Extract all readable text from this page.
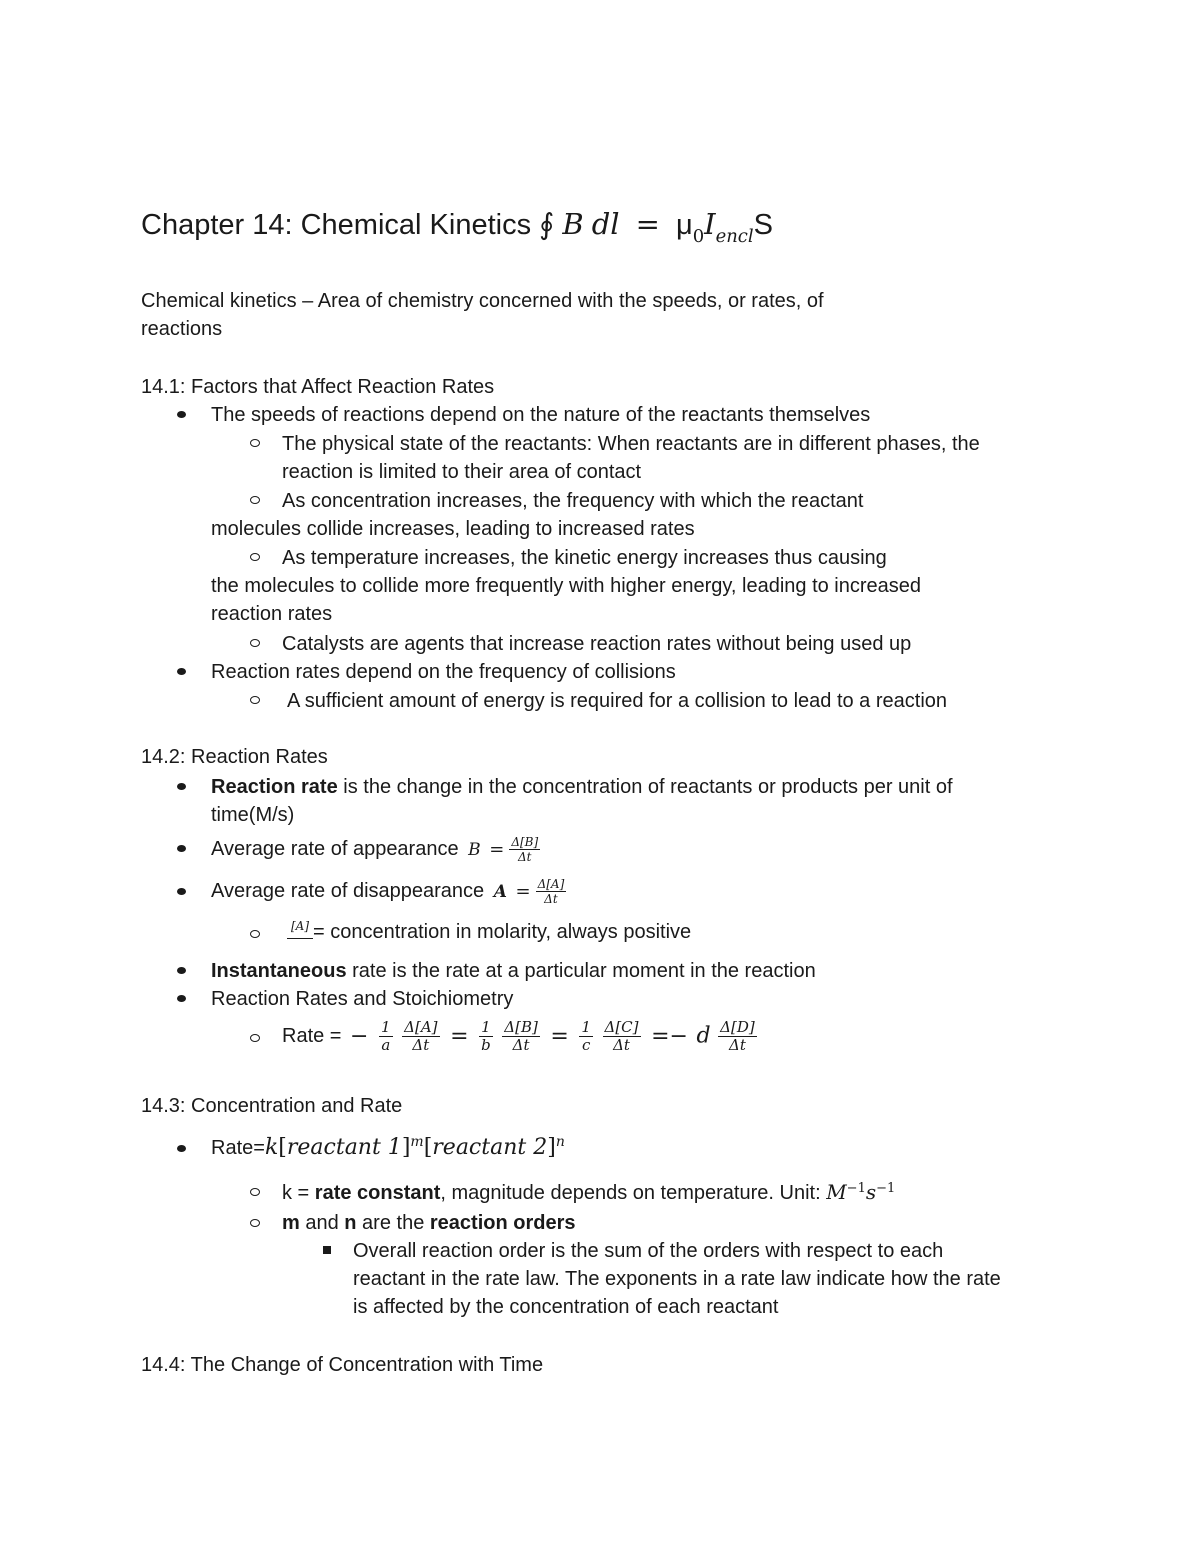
Chapter 14: Chemical Kinetics ∮ B dl = $\mu_0I_{encl}S$
Chemical kinetics – Area of chemistry concerned with the speeds, or rates, of
reactions
14.1: Factors that Affect Reaction Rates
The speeds of reactions depend on the nature of the reactants themselves
The physical state of the reactants: When reactants are in different phases, the
reaction is limited to their area of contact
As concentration increases, the frequency with which the reactant
molecules collide increases, leading to increased rates
As temperature increases, the kinetic energy increases thus causing
the molecules to collide more frequently with higher energy, leading to increased
reaction rates
Catalysts are agents that increase reaction rates without being used up
Reaction rates depend on the frequency of collisions
A sufficient amount of energy is required for a collision to lead to a reaction
14.2: Reaction Rates
Reaction rate is the change in the concentration of reactants or products per unit of
time(M/s)
Average rate of appearance $B = \frac{\Delta[B]}{\Delta t}$
Average rate of disappearance $A = \frac{\Delta[A]}{\Delta t}$
[A] = concentration in molarity, always positive
Instantaneous rate is the rate at a particular moment in the reaction
Reaction Rates and Stoichiometry
Rate = − $\frac{1}{a}$
$\frac{\Delta[A]}{\Delta t} = \frac{1}{b}$
$\frac{\Delta[B]}{\Delta t} = \frac{1}{c}$
$\frac{\Delta[C]}{\Delta t} =- d \frac{\Delta[D]}{\Delta t}$
14.3: Concentration and Rate
Rate=k[reactant 1]$^m$[reactant 2]$^n$
k = rate constant, magnitude depends on temperature. Unit: $M^{-1}s^{-1}$
m and n are the reaction orders
Overall reaction order is the sum of the orders with respect to each
reactant in the rate law. The exponents in a rate law indicate how the rate
is affected by the concentration of each reactant
14.4: The Change of Concentration with Time
